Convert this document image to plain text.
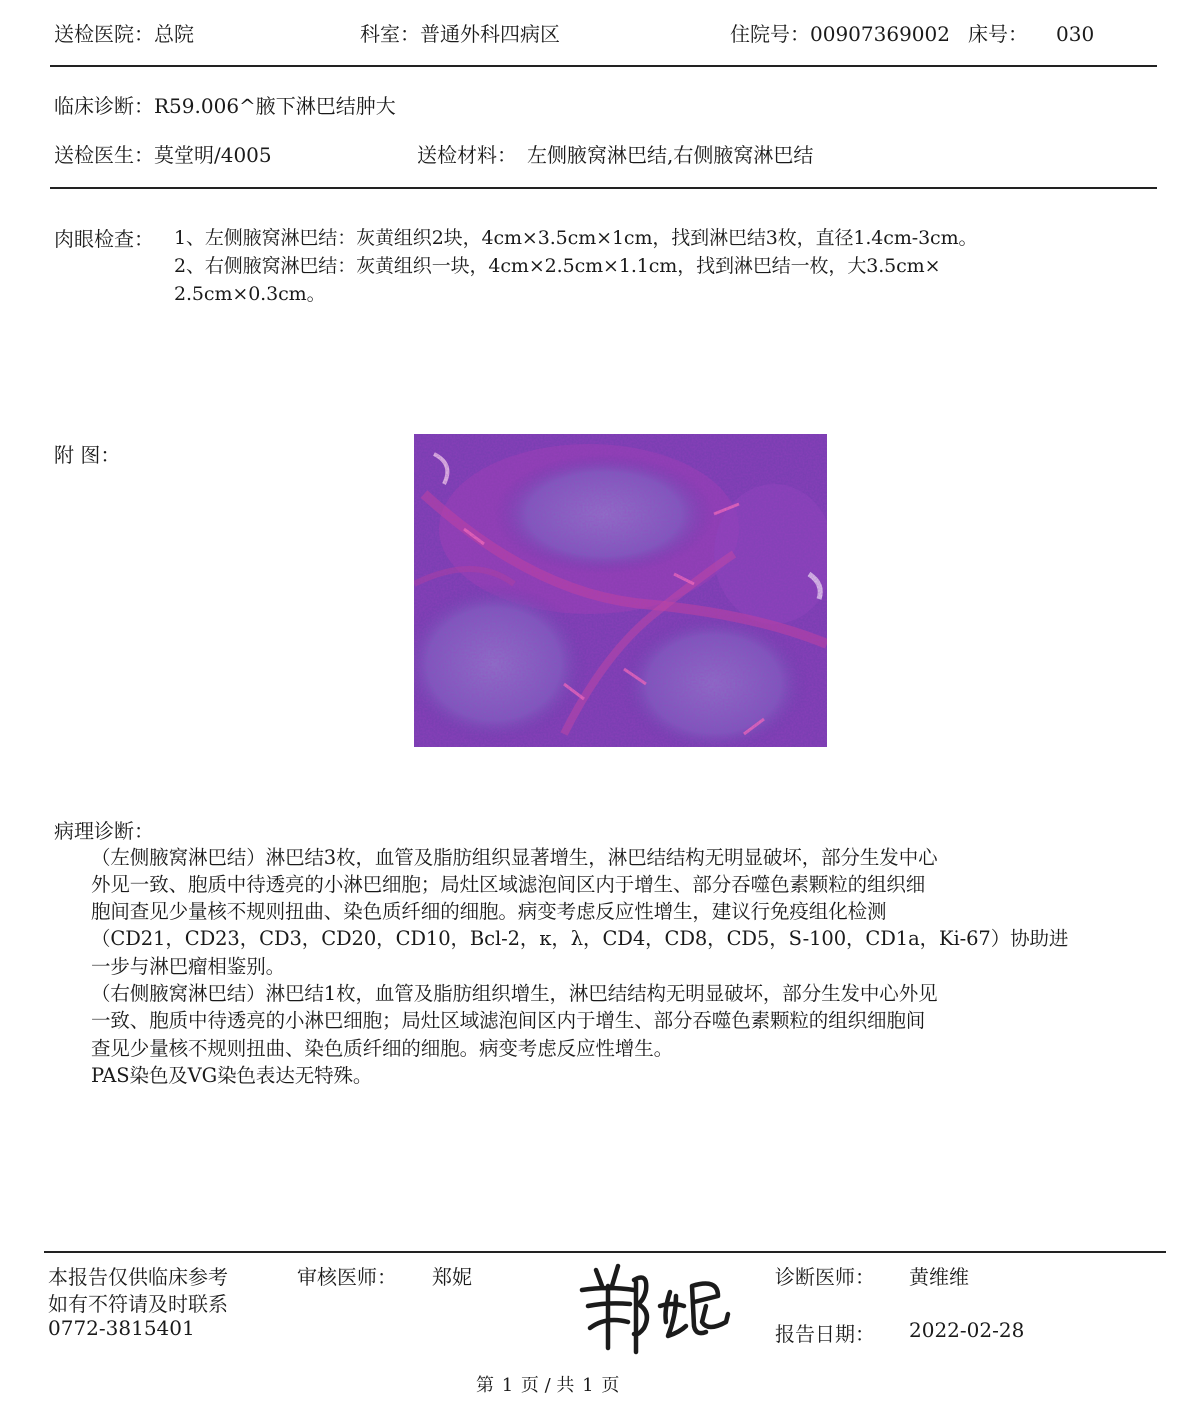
送检医院：总院	科室：普通外科四病区	住院号：00907369002 床号： 030
临床诊断：R59.006^腋下淋巴结肿大
送检医生：莫堂明/4005	送检材料： 左侧腋窝淋巴结,右侧腋窝淋巴结
肉眼检查： 1、左侧腋窝淋巴结：灰黄组织2块，4cm×3.5cm×1cm，找到淋巴结3枚，直径1.4cm-3cm。
2、右侧腋窝淋巴结：灰黄组织一块，4cm×2.5cm×1.1cm，找到淋巴结一枚，大3.5cm×
2.5cm×0.3cm。
附 图：
病理诊断：
（左侧腋窝淋巴结）淋巴结3枚，血管及脂肪组织显著增生，淋巴结结构无明显破坏，部分生发中心
外见一致、胞质中待透亮的小淋巴细胞；局灶区域滤泡间区内于增生、部分吞噬色素颗粒的组织细
胞间查见少量核不规则扭曲、染色质纤细的细胞。病变考虑反应性增生，建议行免疫组化检测
（CD21，CD23，CD3，CD20，CD10，Bcl-2，κ，λ，CD4，CD8，CD5，S-100，CD1a，Ki-67）协助进
一步与淋巴瘤相鉴别。
（右侧腋窝淋巴结）淋巴结1枚，血管及脂肪组织增生，淋巴结结构无明显破坏，部分生发中心外见
一致、胞质中待透亮的小淋巴细胞；局灶区域滤泡间区内于增生、部分吞噬色素颗粒的组织细胞间
查见少量核不规则扭曲、染色质纤细的细胞。病变考虑反应性增生。
PAS染色及VG染色表达无特殊。
本报告仅供临床参考
如有不符请及时联系
0772-3815401
审核医师： 郑妮	诊断医师： 黄维维
报告日期： 2022-02-28
第 1 页 / 共 1 页
